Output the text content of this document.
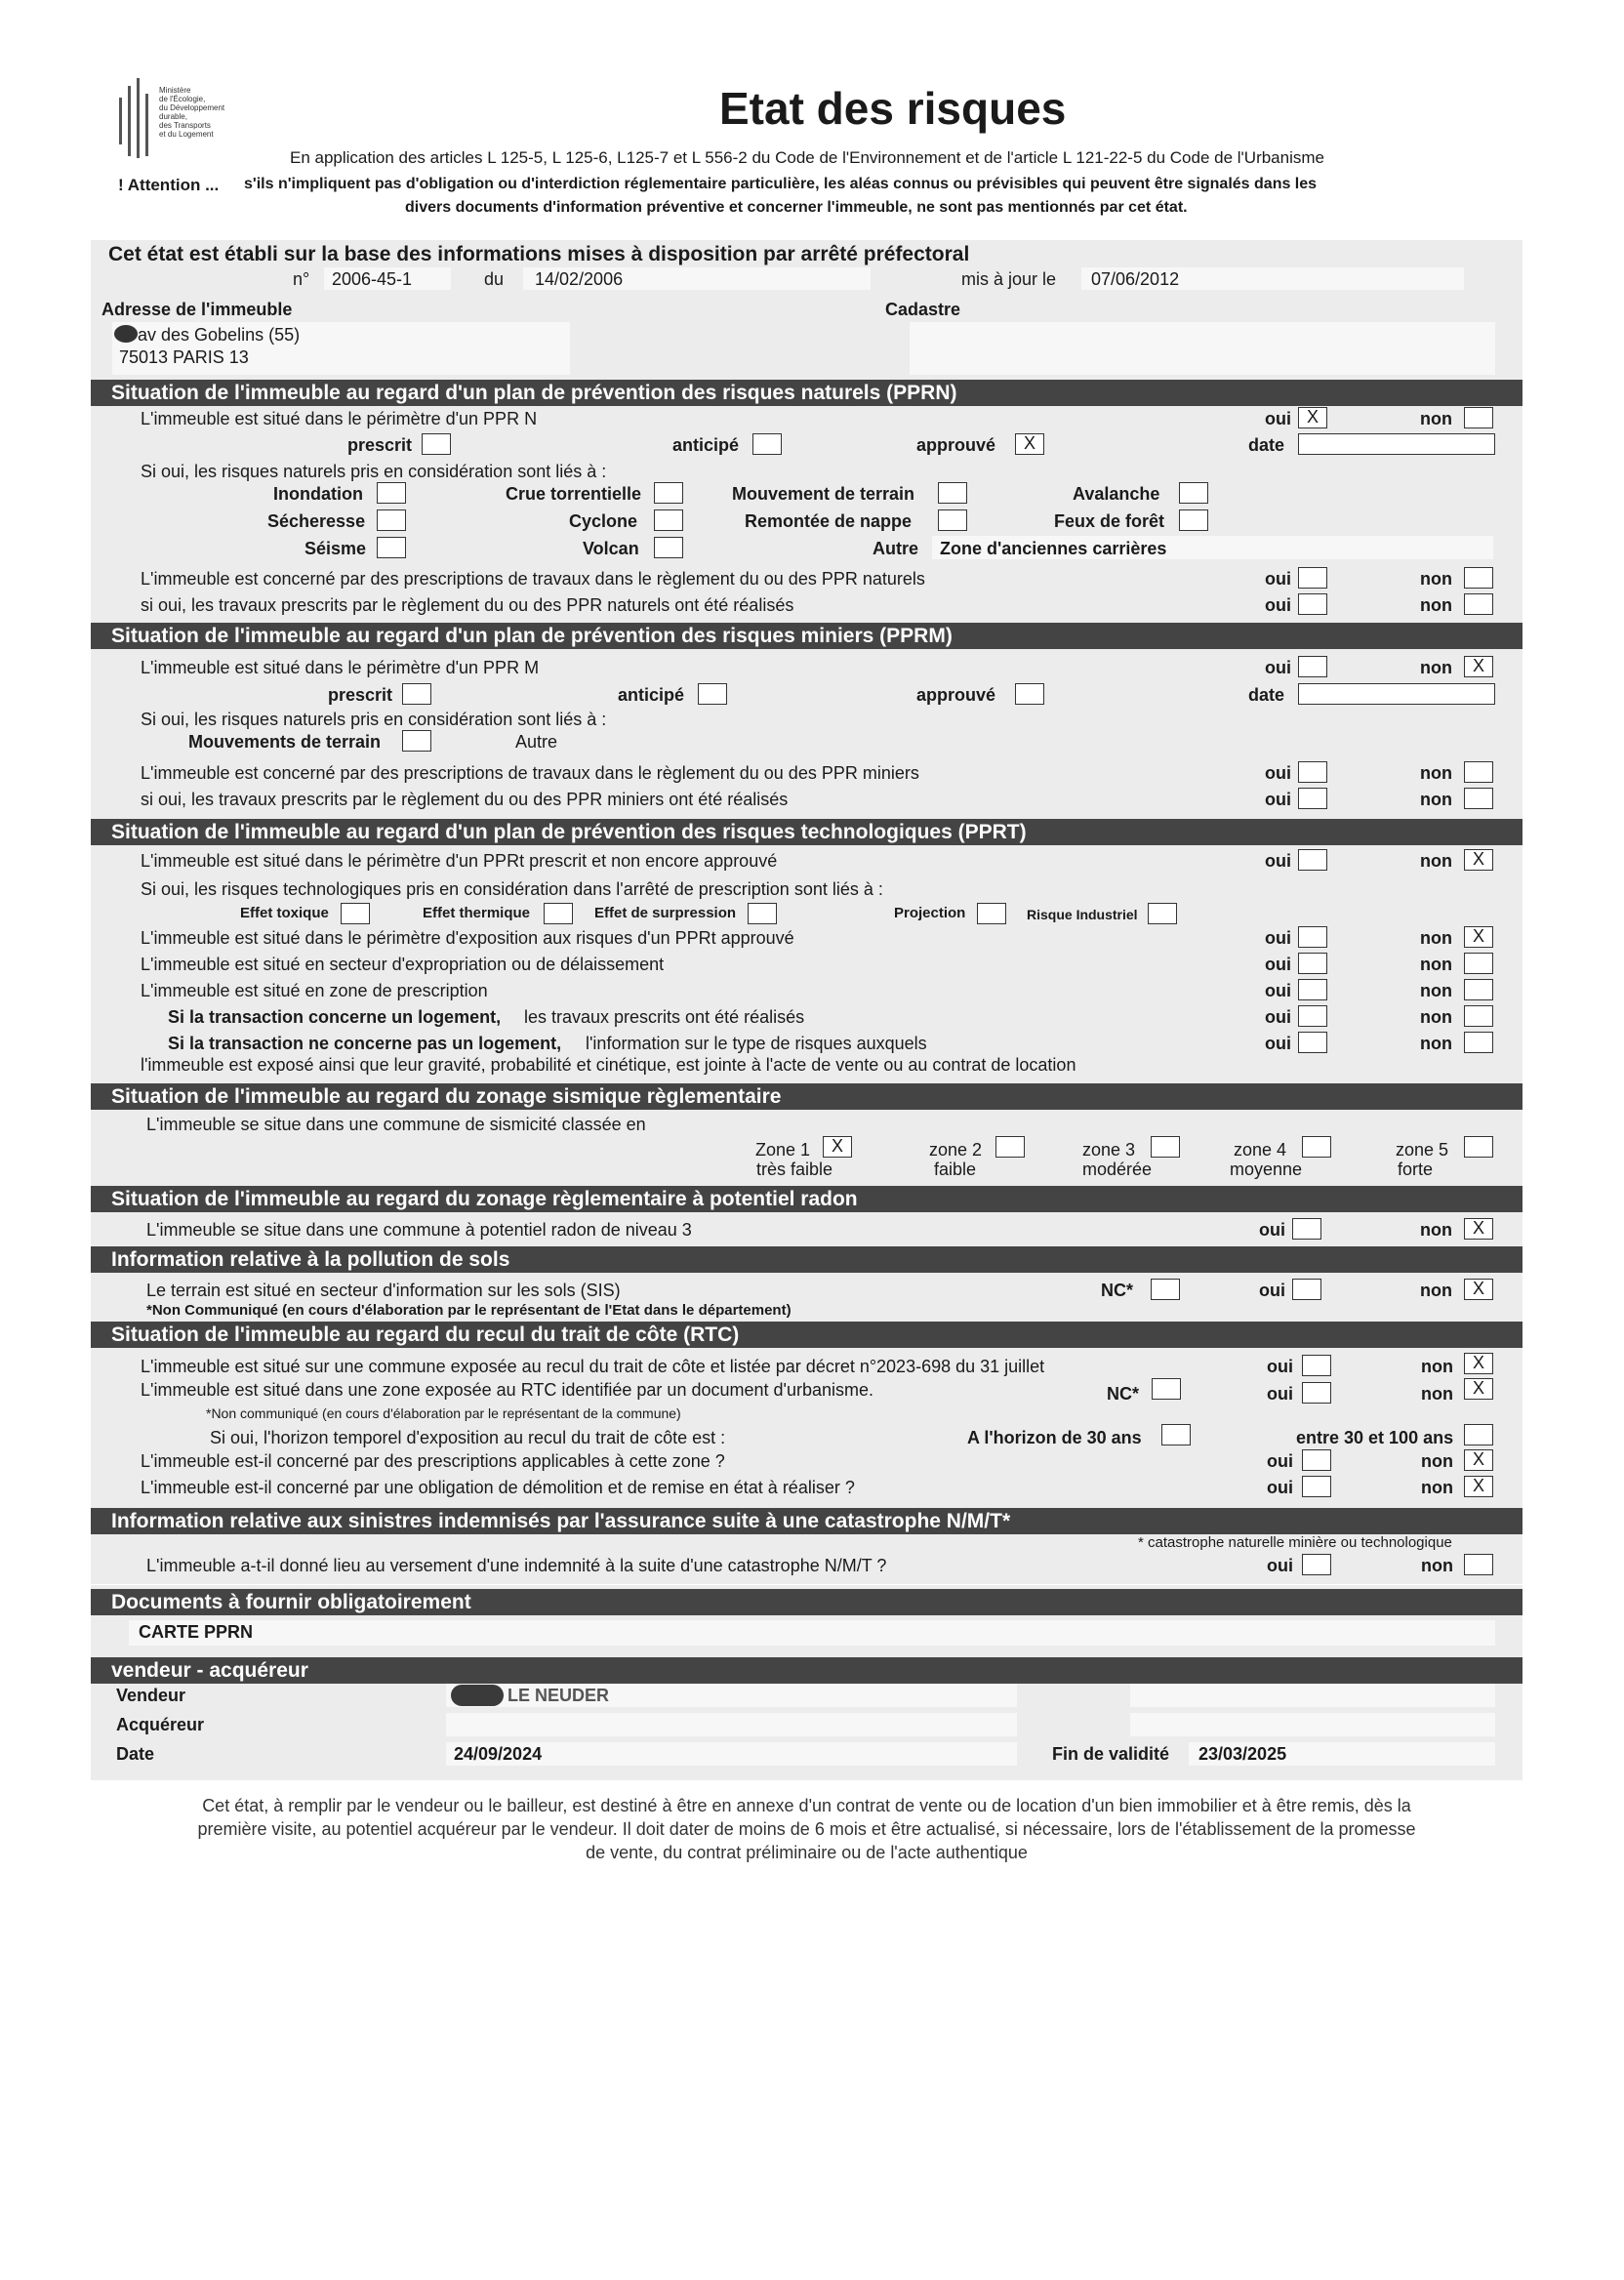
Ministère
de l'Écologie,
du Développement
durable,
des Transports
et du Logement
Etat des risques
En application des articles L 125-5, L 125-6, L125-7 et L 556-2 du Code de l'Environnement et de l'article L 121-22-5 du Code de l'Urbanisme
! Attention ... s'ils n'impliquent pas d'obligation ou d'interdiction réglementaire particulière, les aléas connus ou prévisibles qui peuvent être signalés dans les
divers documents d'information préventive et concerner l'immeuble, ne sont pas mentionnés par cet état.
Cet état est établi sur la base des informations mises à disposition par arrêté préfectoral
n° 2006-45-1	du 14/02/2006	mis à jour le 07/06/2012
Adresse de l'immeuble	Cadastre
av des Gobelins (55)
75013 PARIS 13
Situation de l'immeuble au regard d'un plan de prévention des risques naturels (PPRN)
L'immeuble est situé dans le périmètre d'un PPR N	oui X	non
prescrit	anticipé	approuvé	X	date
Si oui, les risques naturels pris en considération sont liés à :
Inondation	Crue torrentielle	Mouvement de terrain	Avalanche
Sécheresse	Cyclone	Remontée de nappe	Feux de forêt
Séisme	Volcan	Autre Zone d'anciennes carrières
L'immeuble est concerné par des prescriptions de travaux dans le règlement du ou des PPR naturels	oui	non
si oui, les travaux prescrits par le règlement du ou des PPR naturels ont été réalisés	oui	non
Situation de l'immeuble au regard d'un plan de prévention des risques miniers (PPRM)
L'immeuble est situé dans le périmètre d'un PPR M	oui	non	X
prescrit	anticipé	approuvé	date
Si oui, les risques naturels pris en considération sont liés à :
Mouvements de terrain	Autre
L'immeuble est concerné par des prescriptions de travaux dans le règlement du ou des PPR miniers	oui	non
si oui, les travaux prescrits par le règlement du ou des PPR miniers ont été réalisés	oui	non
Situation de l'immeuble au regard d'un plan de prévention des risques technologiques (PPRT)
L'immeuble est situé dans le périmètre d'un PPRt prescrit et non encore approuvé	oui	non	X
Si oui, les risques technologiques pris en considération dans l'arrêté de prescription sont liés à :
Effet toxique	Effet thermique	Effet de surpression	Projection	Risque Industriel
L'immeuble est situé dans le périmètre d'exposition aux risques d'un PPRt approuvé	oui	non	X
L'immeuble est situé en secteur d'expropriation ou de délaissement	oui	non
L'immeuble est situé en zone de prescription	oui	non
Si la transaction concerne un logement, les travaux prescrits ont été réalisés	oui	non
Si la transaction ne concerne pas un logement, l'information sur le type de risques auxquels	oui	non
l'immeuble est exposé ainsi que leur gravité, probabilité et cinétique, est jointe à l'acte de vente ou au contrat de location
Situation de l'immeuble au regard du zonage sismique règlementaire
L'immeuble se situe dans une commune de sismicité classée en
Zone 1	X
très faible
zone 2
faible
zone 3
modérée
zone 4
moyenne
zone 5
forte
Situation de l'immeuble au regard du zonage règlementaire à potentiel radon
L'immeuble se situe dans une commune à potentiel radon de niveau 3	oui	non	X
Information relative à la pollution de sols
Le terrain est situé en secteur d'information sur les sols (SIS)	NC*	oui	non	X
*Non Communiqué (en cours d'élaboration par le représentant de l'Etat dans le département)
Situation de l'immeuble au regard du recul du trait de côte (RTC)
L'immeuble est situé sur une commune exposée au recul du trait de côte et listée par décret n°2023-698 du 31 juillet	oui	non	X
L'immeuble est situé dans une zone exposée au RTC identifiée par un document d'urbanisme.	NC*	oui	non	X
*Non communiqué (en cours d'élaboration par le représentant de la commune)
Si oui, l'horizon temporel d'exposition au recul du trait de côte est :	A l'horizon de 30 ans	entre 30 et 100 ans
L'immeuble est-il concerné par des prescriptions applicables à cette zone ?	oui	non	X
L'immeuble est-il concerné par une obligation de démolition et de remise en état à réaliser ?	oui	non	X
Information relative aux sinistres indemnisés par l'assurance suite à une catastrophe N/M/T*
* catastrophe naturelle minière ou technologique
L'immeuble a-t-il donné lieu au versement d'une indemnité à la suite d'une catastrophe N/M/T ?	oui	non
Documents à fournir obligatoirement
CARTE PPRN
vendeur - acquéreur
Vendeur	LE NEUDER
Acquéreur
Date	24/09/2024	Fin de validité 23/03/2025
Cet état, à remplir par le vendeur ou le bailleur, est destiné à être en annexe d'un contrat de vente ou de location d'un bien immobilier et à être remis, dès la
première visite, au potentiel acquéreur par le vendeur. Il doit dater de moins de 6 mois et être actualisé, si nécessaire, lors de l'établissement de la promesse
de vente, du contrat préliminaire ou de l'acte authentique
